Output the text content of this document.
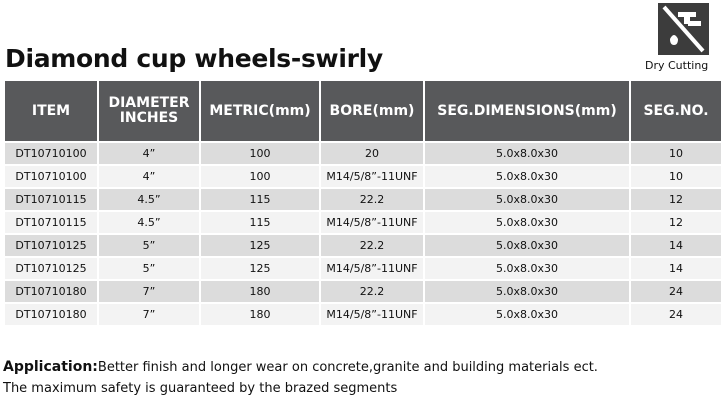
Diamond cup wheels-swirly	Dry Cutting
ITEM	DIAMETER INCHES	METRIC(mm)	BORE(mm)	SEG.DIMENSIONS(mm)	SEG.NO.
DT10710100	4”	100	20	5.0x8.0x30	10
DT10710100	4”	100	M14/5/8”-11UNF	5.0x8.0x30	10
DT10710115	4.5”	115	22.2	5.0x8.0x30	12
DT10710115	4.5”	115	M14/5/8”-11UNF	5.0x8.0x30	12
DT10710125	5”	125	22.2	5.0x8.0x30	14
DT10710125	5”	125	M14/5/8”-11UNF	5.0x8.0x30	14
DT10710180	7”	180	22.2	5.0x8.0x30	24
DT10710180	7”	180	M14/5/8”-11UNF	5.0x8.0x30	24
Application:Better finish and longer wear on concrete,granite and building materials ect.
The maximum safety is guaranteed by the brazed segments
